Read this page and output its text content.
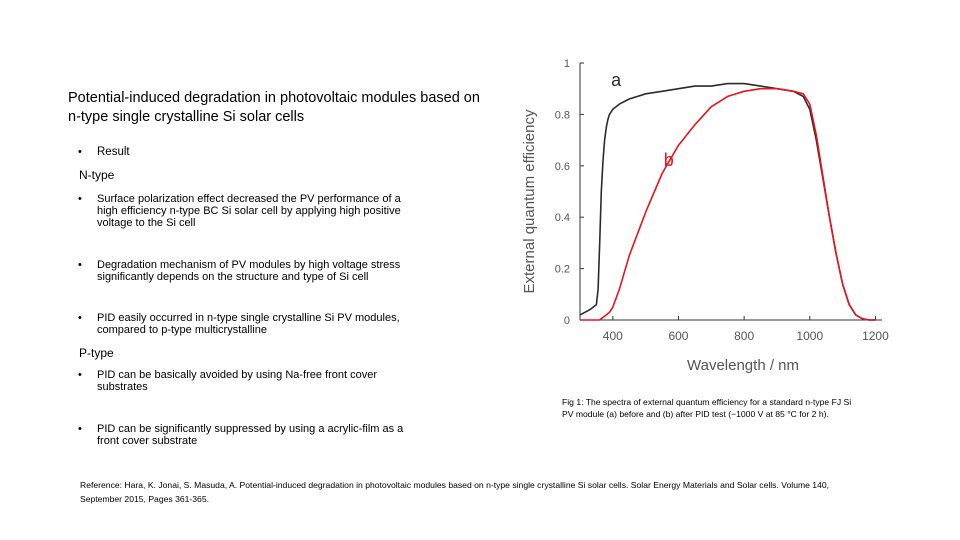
Potential-induced degradation in photovoltaic modules based on n-type single crystalline Si solar cells
• Result
N-type
• Surface polarization effect decreased the PV performance of a high efficiency n-type BC Si solar cell by applying high positive voltage to the Si cell
• Degradation mechanism of PV modules by high voltage stress significantly depends on the structure and type of Si cell
• PID easily occurred in n-type single crystalline Si PV modules, compared to p-type multicrystalline
P-type
• PID can be basically avoided by using Na-free front cover substrates
• PID can be significantly suppressed by using a acrylic-film as a front cover substrate
0
0.2
0.4
0.6
0.8
1
400	600	800	1000	1200
Wavelength / nm
External quantum efficiency
a
b
Fig 1: The spectra of external quantum efficiency for a standard n-type FJ Si PV module (a) before and (b) after PID test (−1000 V at 85 °C for 2 h).
Reference: Hara, K. Jonai, S. Masuda, A. Potential-induced degradation in photovoltaic modules based on n-type single crystalline Si solar cells. Solar Energy Materials and Solar cells. Volume 140, September 2015, Pages 361-365.
